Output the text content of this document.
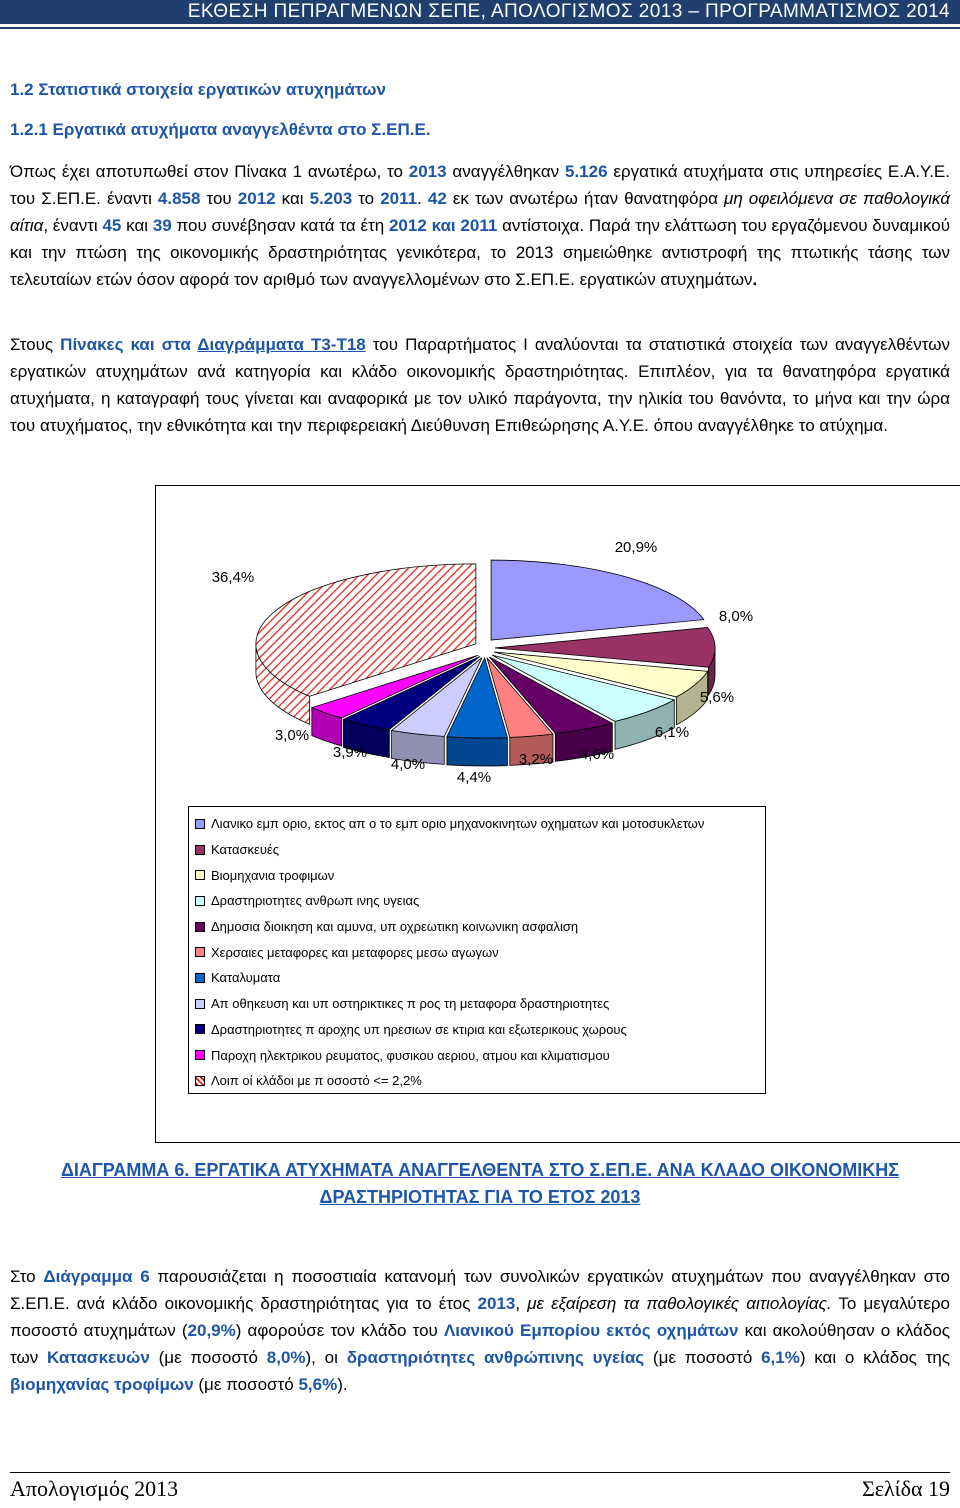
ΕΚΘΕΣΗ ΠΕΠΡΑΓΜΕΝΩΝ ΣΕΠΕ, ΑΠΟΛΟΓΙΣΜΟΣ 2013 – ΠΡΟΓΡΑΜΜΑΤΙΣΜΟΣ 2014
1.2 Στατιστικά στοιχεία εργατικών ατυχημάτων
1.2.1 Εργατικά ατυχήματα αναγγελθέντα στο Σ.ΕΠ.Ε.
Όπως έχει αποτυπωθεί στον Πίνακα 1 ανωτέρω, το 2013 αναγγέλθηκαν 5.126 εργατικά ατυχήματα στις υπηρεσίες Ε.Α.Υ.Ε. του Σ.ΕΠ.Ε. έναντι 4.858 του 2012 και 5.203 το 2011. 42 εκ των ανωτέρω ήταν θανατηφόρα μη οφειλόμενα σε παθολογικά αίτια, έναντι 45 και 39 που συνέβησαν κατά τα έτη 2012 και 2011 αντίστοιχα. Παρά την ελάττωση του εργαζόμενου δυναμικού και την πτώση της οικονομικής δραστηριότητας γενικότερα, το 2013 σημειώθηκε αντιστροφή της πτωτικής τάσης των τελευταίων ετών όσον αφορά τον αριθμό των αναγγελλομένων στο Σ.ΕΠ.Ε. εργατικών ατυχημάτων.
Στους Πίνακες και στα Διαγράμματα Τ3-Τ18 του Παραρτήματος Ι αναλύονται τα στατιστικά στοιχεία των αναγγελθέντων εργατικών ατυχημάτων ανά κατηγορία και κλάδο οικονομικής δραστηριότητας. Επιπλέον, για τα θανατηφόρα εργατικά ατυχήματα, η καταγραφή τους γίνεται και αναφορικά με τον υλικό παράγοντα, την ηλικία του θανόντα, το μήνα και την ώρα του ατυχήματος, την εθνικότητα και την περιφερειακή Διεύθυνση Επιθεώρησης Α.Υ.Ε. όπου αναγγέλθηκε το ατύχημα.
20,9%
8,0%
5,6%
6,1%
4,6%
3,2%
4,4%
4,0%
3,9%
3,0%
36,4%
Λιανικο εμπ οριο, εκτος απ ο το εμπ οριο μηχανοκινητων οχηματων και μοτοσυκλετων
Κατασκευές
Βιομηχανια τροφιμων
Δραστηριοτητες ανθρωπ ινης υγειας
Δημοσια διοικηση και αμυνα, υπ οχρεωτικη κοινωνικη ασφαλιση
Χερσαιες μεταφορες και μεταφορες μεσω αγωγων
Καταλυματα
Απ οθηκευση και υπ οστηρικτικες π ρος τη μεταφορα δραστηριοτητες
Δραστηριοτητες π αροχης υπ ηρεσιων σε κτιρια και εξωτερικους χωρους
Παροχη ηλεκτρικου ρευματος, φυσικου αεριου, ατμου και κλιματισμου
Λοιπ οί κλάδοι με π οσοστό <= 2,2%
ΔΙΑΓΡΑΜΜΑ 6. ΕΡΓΑΤΙΚΑ ΑΤΥΧΗΜΑΤΑ ΑΝΑΓΓΕΛΘΕΝΤΑ ΣΤΟ Σ.ΕΠ.Ε. ΑΝΑ ΚΛΑΔΟ ΟΙΚΟΝΟΜΙΚΗΣ
ΔΡΑΣΤΗΡΙΟΤΗΤΑΣ ΓΙΑ ΤΟ ΕΤΟΣ 2013
Στο Διάγραμμα 6 παρουσιάζεται η ποσοστιαία κατανομή των συνολικών εργατικών ατυχημάτων που αναγγέλθηκαν στο Σ.ΕΠ.Ε. ανά κλάδο οικονομικής δραστηριότητας για το έτος 2013, με εξαίρεση τα παθολογικές αιτιολογίας. Το μεγαλύτερο ποσοστό ατυχημάτων (20,9%) αφορούσε τον κλάδο του Λιανικού Εμπορίου εκτός οχημάτων και ακολούθησαν ο κλάδος των Κατασκευών (με ποσοστό 8,0%), οι δραστηριότητες ανθρώπινης υγείας (με ποσοστό 6,1%) και ο κλάδος της βιομηχανίας τροφίμων (με ποσοστό 5,6%).
Απολογισμός 2013	Σελίδα 19
